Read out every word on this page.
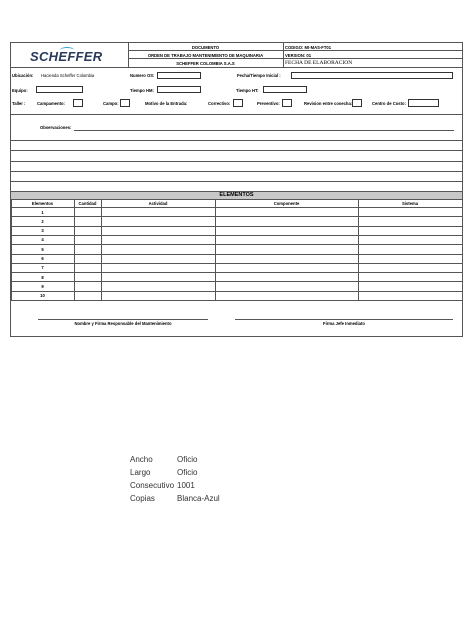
SCHEFFER
DOCUMENTO
ORDEN DE TRABAJO MANTENIMIENTO DE MAQUINARIA
SCHEFFER COLOMBIA S.A.S
CODIGO: MI-MAS-FT01
VERSION: 01
FECHA DE ELABORACION
Ubicación: Hacienda Scheffer Colombia	Numero OS:	Fecha/Tiempo Inicial :
Equipo:	Tiempo HM:	Tiempo HT:
Taller :	Campamento:	Campo:	Motivo de la Entrada:	Correctivo:	Preventivo:	Revision entre cosecha:	Centro de Costo:
Observaciones:
ELEMENTOS
Elementos	Cantidad	Actividad	Componente	Sistema
1
2
3
4
5
6
7
8
9
10
Nombre y Firma Responsable del Mantenimiento	Firma Jefe Inmediato
Ancho	Oficio
Largo	Oficio
Consecutivo 1001
Copias	Blanca-Azul
